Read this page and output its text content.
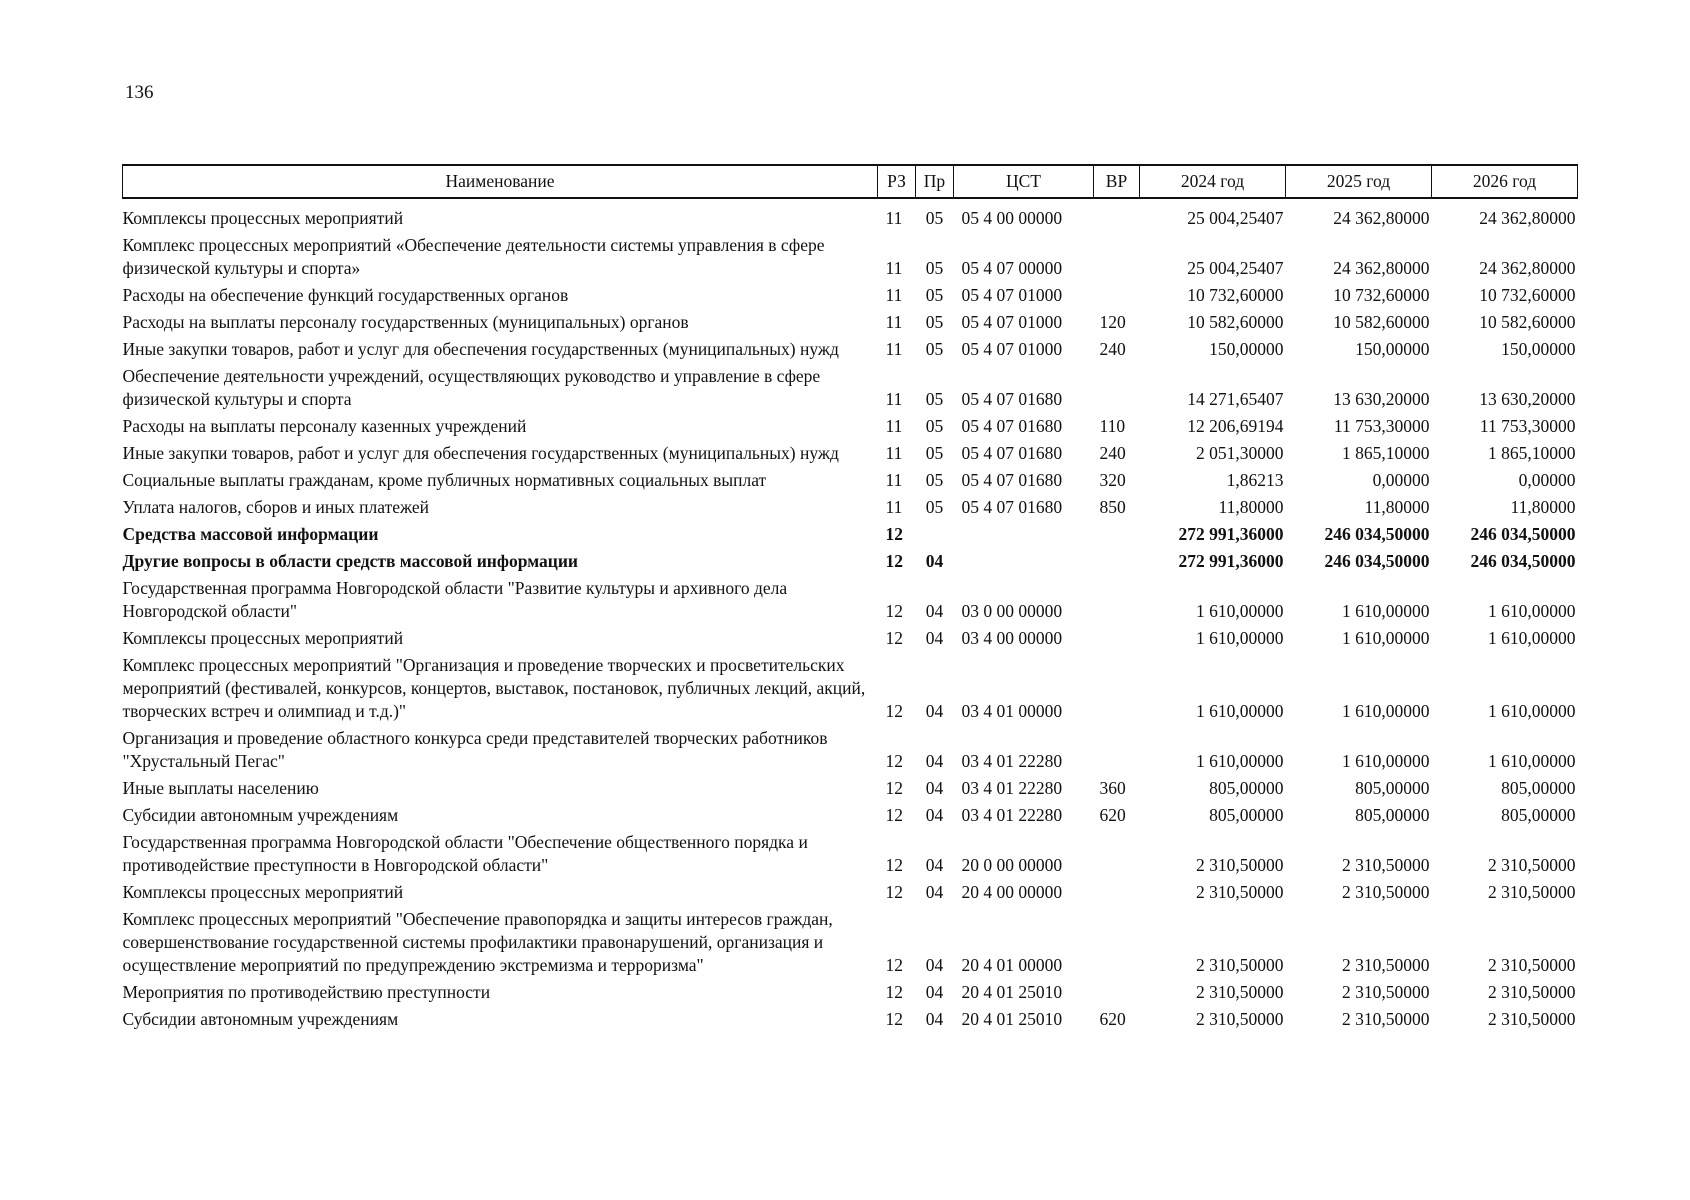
136
Наименование	РЗ	Пр	ЦСТ	ВР	2024 год	2025 год	2026 год

Комплексы процессных мероприятий	11	05	05 4 00 00000		25 004,25407	24 362,80000	24 362,80000
Комплекс процессных мероприятий «Обеспечение деятельности системы управления в сфере физической культуры и спорта»	11	05	05 4 07 00000		25 004,25407	24 362,80000	24 362,80000
Расходы на обеспечение функций государственных органов	11	05	05 4 07 01000		10 732,60000	10 732,60000	10 732,60000
Расходы на выплаты персоналу государственных (муниципальных) органов	11	05	05 4 07 01000	120	10 582,60000	10 582,60000	10 582,60000
Иные закупки товаров, работ и услуг для обеспечения государственных (муниципальных) нужд	11	05	05 4 07 01000	240	150,00000	150,00000	150,00000
Обеспечение деятельности учреждений, осуществляющих руководство и управление в сфере физической культуры и спорта	11	05	05 4 07 01680		14 271,65407	13 630,20000	13 630,20000
Расходы на выплаты персоналу казенных учреждений	11	05	05 4 07 01680	110	12 206,69194	11 753,30000	11 753,30000
Иные закупки товаров, работ и услуг для обеспечения государственных (муниципальных) нужд	11	05	05 4 07 01680	240	2 051,30000	1 865,10000	1 865,10000
Социальные выплаты гражданам, кроме публичных нормативных социальных выплат	11	05	05 4 07 01680	320	1,86213	0,00000	0,00000
Уплата налогов, сборов и иных платежей	11	05	05 4 07 01680	850	11,80000	11,80000	11,80000
Средства массовой информации	12				272 991,36000	246 034,50000	246 034,50000
Другие вопросы в области средств массовой информации	12	04			272 991,36000	246 034,50000	246 034,50000
Государственная программа Новгородской области "Развитие культуры и архивного дела Новгородской области"	12	04	03 0 00 00000		1 610,00000	1 610,00000	1 610,00000
Комплексы процессных мероприятий	12	04	03 4 00 00000		1 610,00000	1 610,00000	1 610,00000
Комплекс процессных мероприятий "Организация и проведение творческих и просветительских мероприятий (фестивалей, конкурсов, концертов, выставок, постановок, публичных лекций, акций, творческих встреч и олимпиад и т.д.)"	12	04	03 4 01 00000		1 610,00000	1 610,00000	1 610,00000
Организация и проведение областного конкурса среди представителей творческих работников "Хрустальный Пегас"	12	04	03 4 01 22280		1 610,00000	1 610,00000	1 610,00000
Иные выплаты населению	12	04	03 4 01 22280	360	805,00000	805,00000	805,00000
Субсидии автономным учреждениям	12	04	03 4 01 22280	620	805,00000	805,00000	805,00000
Государственная программа Новгородской области "Обеспечение общественного порядка и противодействие преступности в Новгородской области"	12	04	20 0 00 00000		2 310,50000	2 310,50000	2 310,50000
Комплексы процессных мероприятий	12	04	20 4 00 00000		2 310,50000	2 310,50000	2 310,50000
Комплекс процессных мероприятий "Обеспечение правопорядка и защиты интересов граждан, совершенствование государственной системы профилактики правонарушений, организация и осуществление мероприятий по предупреждению экстремизма и терроризма"	12	04	20 4 01 00000		2 310,50000	2 310,50000	2 310,50000
Мероприятия по противодействию преступности	12	04	20 4 01 25010		2 310,50000	2 310,50000	2 310,50000
Субсидии автономным учреждениям	12	04	20 4 01 25010	620	2 310,50000	2 310,50000	2 310,50000
